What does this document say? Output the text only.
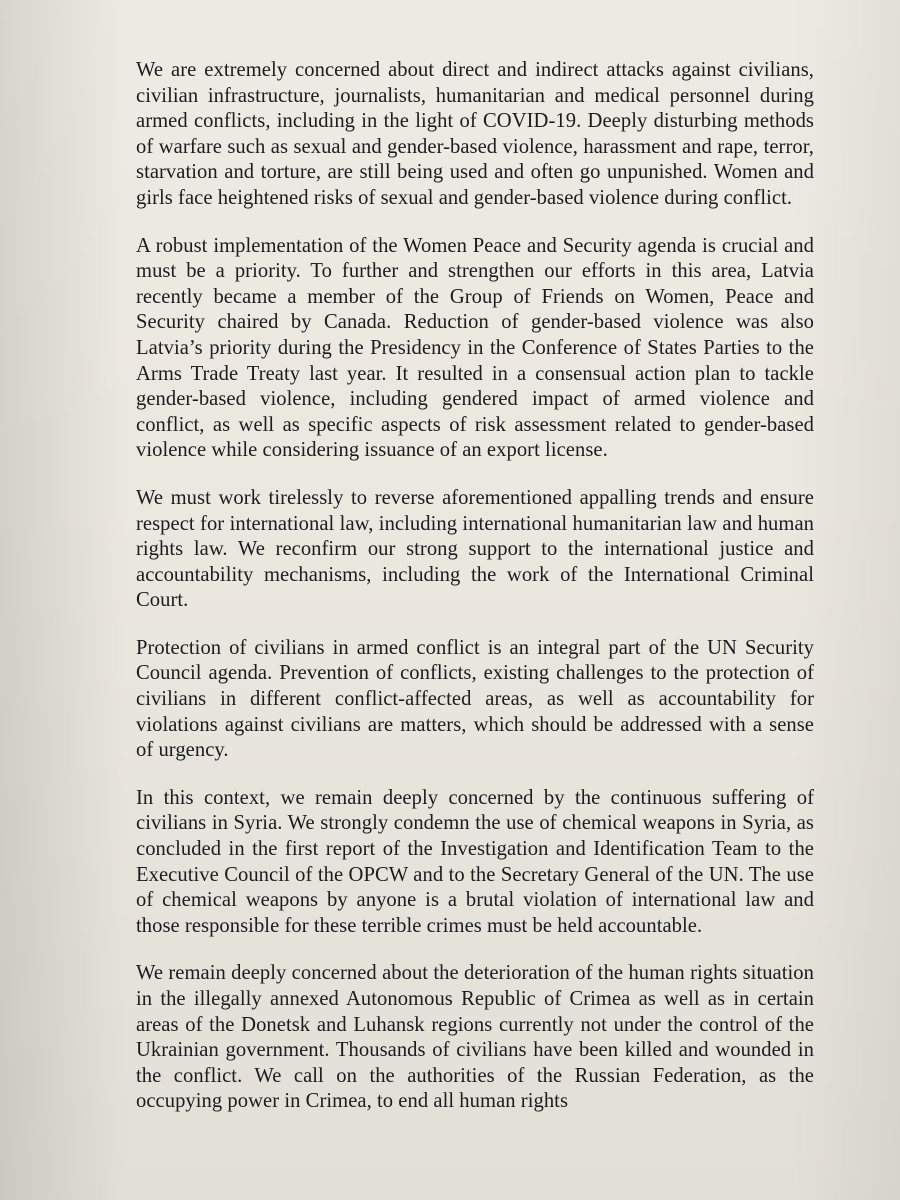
We are extremely concerned about direct and indirect attacks against civilians, civilian infrastructure, journalists, humanitarian and medical personnel during armed conflicts, including in the light of COVID-19. Deeply disturbing methods of warfare such as sexual and gender-based violence, harassment and rape, terror, starvation and torture, are still being used and often go unpunished. Women and girls face heightened risks of sexual and gender-based violence during conflict.

A robust implementation of the Women Peace and Security agenda is crucial and must be a priority. To further and strengthen our efforts in this area, Latvia recently became a member of the Group of Friends on Women, Peace and Security chaired by Canada. Reduction of gender-based violence was also Latvia’s priority during the Presidency in the Conference of States Parties to the Arms Trade Treaty last year. It resulted in a consensual action plan to tackle gender-based violence, including gendered impact of armed violence and conflict, as well as specific aspects of risk assessment related to gender-based violence while considering issuance of an export license.

We must work tirelessly to reverse aforementioned appalling trends and ensure respect for international law, including international humanitarian law and human rights law. We reconfirm our strong support to the international justice and accountability mechanisms, including the work of the International Criminal Court.

Protection of civilians in armed conflict is an integral part of the UN Security Council agenda. Prevention of conflicts, existing challenges to the protection of civilians in different conflict-affected areas, as well as accountability for violations against civilians are matters, which should be addressed with a sense of urgency.

In this context, we remain deeply concerned by the continuous suffering of civilians in Syria. We strongly condemn the use of chemical weapons in Syria, as concluded in the first report of the Investigation and Identification Team to the Executive Council of the OPCW and to the Secretary General of the UN. The use of chemical weapons by anyone is a brutal violation of international law and those responsible for these terrible crimes must be held accountable.

We remain deeply concerned about the deterioration of the human rights situation in the illegally annexed Autonomous Republic of Crimea as well as in certain areas of the Donetsk and Luhansk regions currently not under the control of the Ukrainian government. Thousands of civilians have been killed and wounded in the conflict. We call on the authorities of the Russian Federation, as the occupying power in Crimea, to end all human rights
